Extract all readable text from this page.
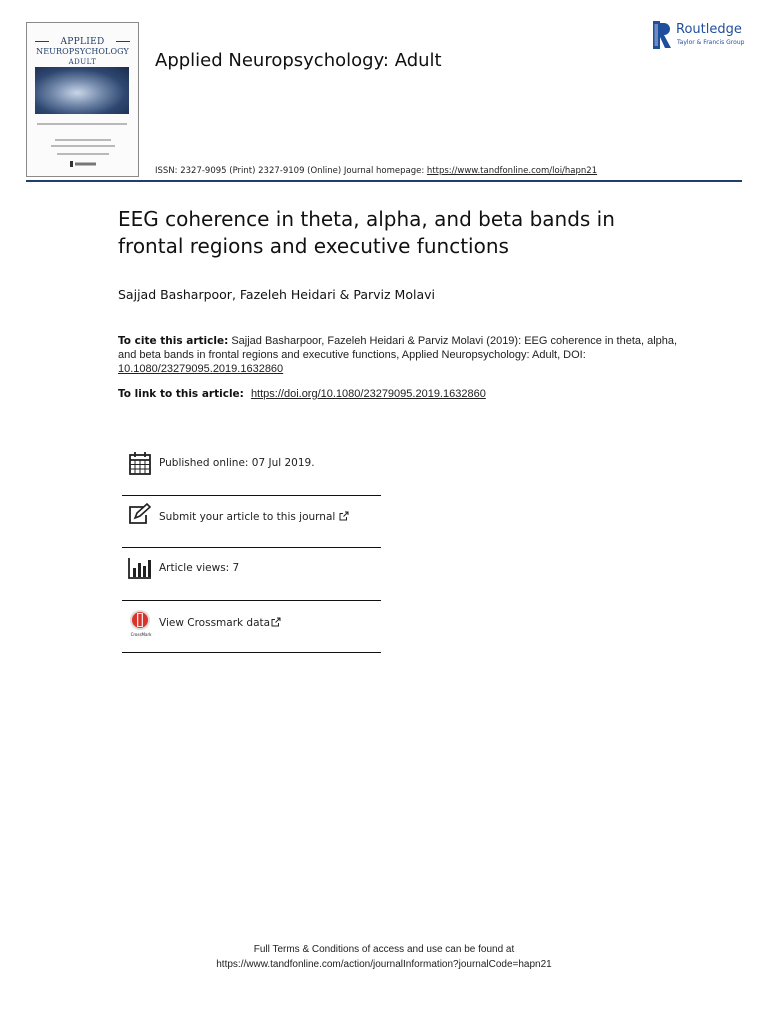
APPLIED
NEUROPSYCHOLOGY
ADULT	Applied Neuropsychology: Adult
Routledge
Taylor & Francis Group
ISSN: 2327-9095 (Print) 2327-9109 (Online) Journal homepage: https://www.tandfonline.com/loi/hapn21
EEG coherence in theta, alpha, and beta bands in frontal regions and executive functions
Sajjad Basharpoor, Fazeleh Heidari & Parviz Molavi
To cite this article: Sajjad Basharpoor, Fazeleh Heidari & Parviz Molavi (2019): EEG coherence in theta, alpha, and beta bands in frontal regions and executive functions, Applied Neuropsychology: Adult, DOI: 10.1080/23279095.2019.1632860
To link to this article: https://doi.org/10.1080/23279095.2019.1632860
Published online: 07 Jul 2019.
Submit your article to this journal
Article views: 7
CrossMark
View Crossmark data
Full Terms & Conditions of access and use can be found at
https://www.tandfonline.com/action/journalInformation?journalCode=hapn21
